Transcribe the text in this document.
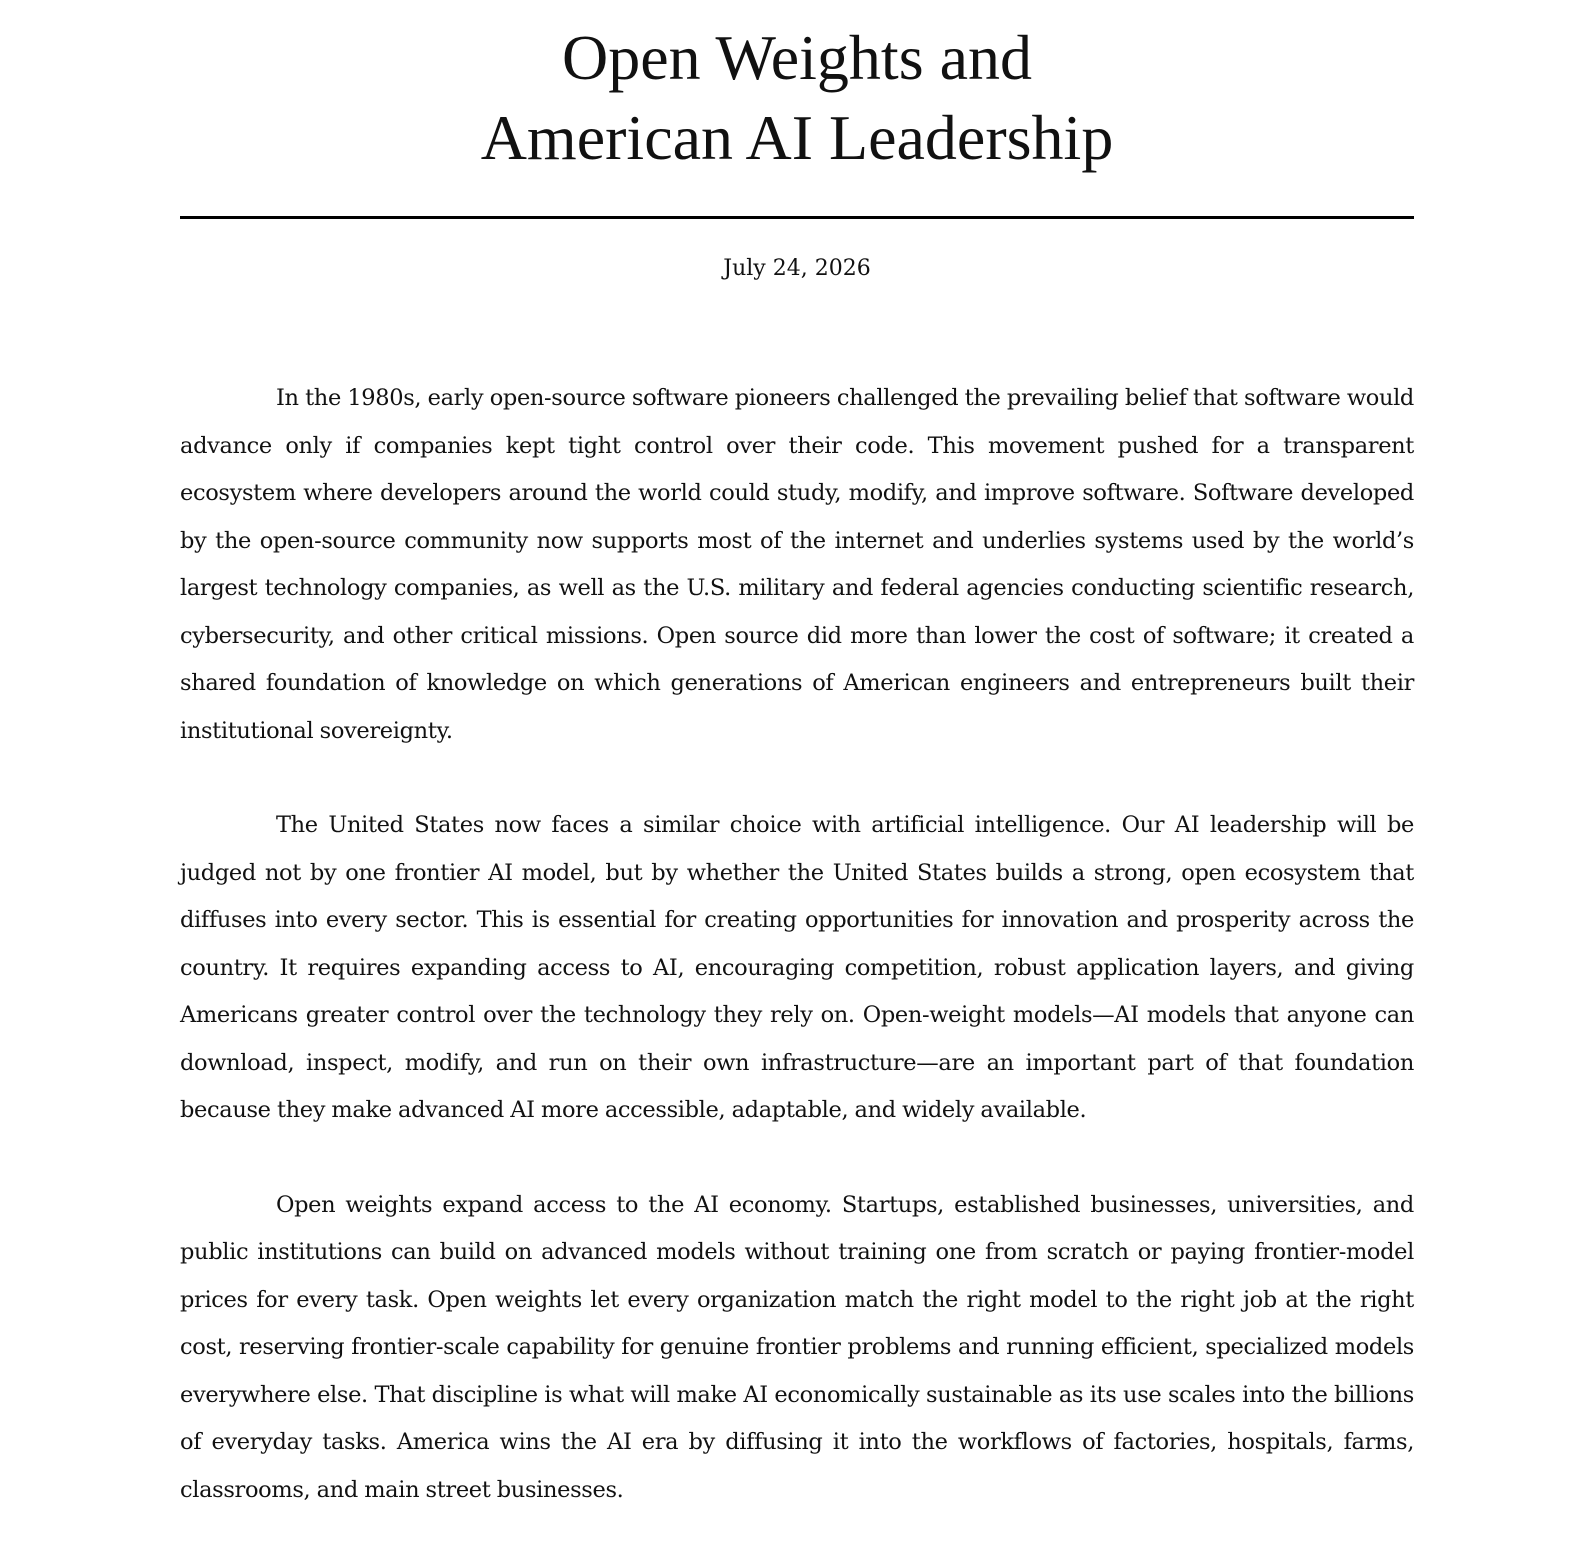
Open Weights and
American AI Leadership
July 24, 2026

In the 1980s, early open-source software pioneers challenged the prevailing belief that software would advance only if companies kept tight control over their code. This movement pushed for a transparent ecosystem where developers around the world could study, modify, and improve software. Software developed by the open-source community now supports most of the internet and underlies systems used by the world’s largest technology companies, as well as the U.S. military and federal agencies conducting scientific research, cybersecurity, and other critical missions. Open source did more than lower the cost of software; it created a shared foundation of knowledge on which generations of American engineers and entrepreneurs built their institutional sovereignty.

The United States now faces a similar choice with artificial intelligence. Our AI leadership will be judged not by one frontier AI model, but by whether the United States builds a strong, open ecosystem that diffuses into every sector. This is essential for creating opportunities for innovation and prosperity across the country. It requires expanding access to AI, encouraging competition, robust application layers, and giving Americans greater control over the technology they rely on. Open-weight models—AI models that anyone can download, inspect, modify, and run on their own infrastructure—are an important part of that foundation because they make advanced AI more accessible, adaptable, and widely available.

Open weights expand access to the AI economy. Startups, established businesses, universities, and public institutions can build on advanced models without training one from scratch or paying frontier-model prices for every task. Open weights let every organization match the right model to the right job at the right cost, reserving frontier-scale capability for genuine frontier problems and running efficient, specialized models everywhere else. That discipline is what will make AI economically sustainable as its use scales into the billions of everyday tasks. America wins the AI era by diffusing it into the workflows of factories, hospitals, farms, classrooms, and main street businesses.
